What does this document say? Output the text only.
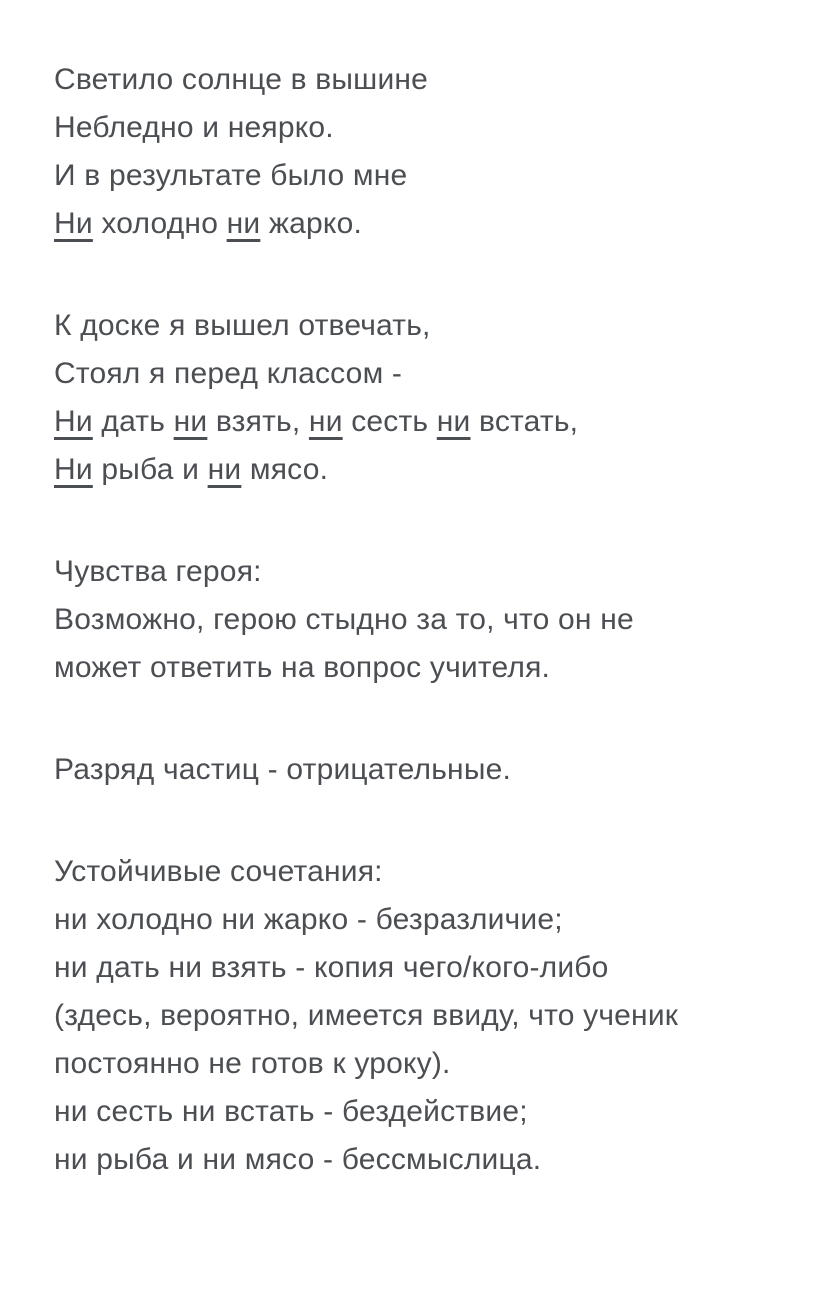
Светило солнце в вышине

Небледно и неярко.

И в результате было мне

Ни холодно ни жарко.

К доске я вышел отвечать,

Стоял я перед классом -

Ни дать ни взять, ни сесть ни встать,

Ни рыба и ни мясо.

Чувства героя:

Возможно, герою стыдно за то, что он не

может ответить на вопрос учителя.

Разряд частиц - отрицательные.

Устойчивые сочетания:

ни холодно ни жарко - безразличие;

ни дать ни взять - копия чего/кого-либо

(здесь, вероятно, имеется ввиду, что ученик

постоянно не готов к уроку).

ни сесть ни встать - бездействие;

ни рыба и ни мясо - бессмыслица.
